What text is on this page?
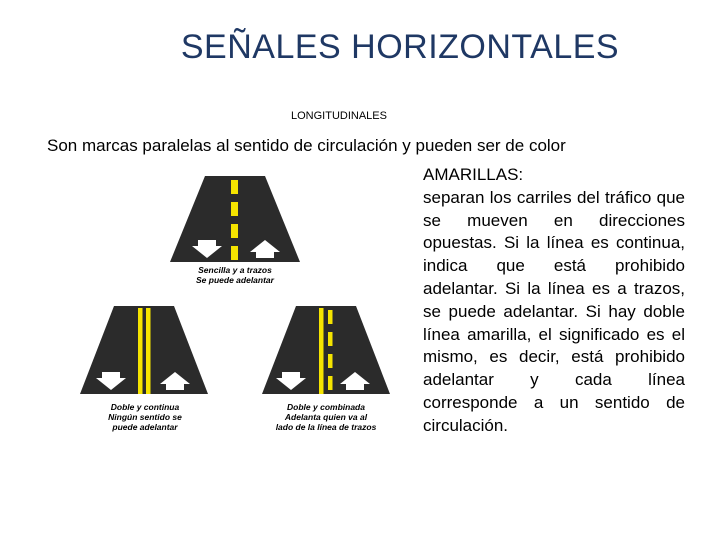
SEÑALES HORIZONTALES
LONGITUDINALES
Son marcas paralelas al sentido de circulación y pueden ser de color
AMARILLAS:
separan los carriles del tráfico que se mueven en direcciones opuestas. Si la línea es continua, indica que está prohibido adelantar. Si la línea es a trazos, se puede adelantar. Si hay doble línea amarilla, el significado es el mismo, es decir, está prohibido adelantar y cada línea corresponde a un sentido de circulación.
Sencilla y a trazos
Se puede adelantar
Doble y continua
Ningún sentido se
puede adelantar
Doble y combinada
Adelanta quien va al
lado de la línea de trazos
